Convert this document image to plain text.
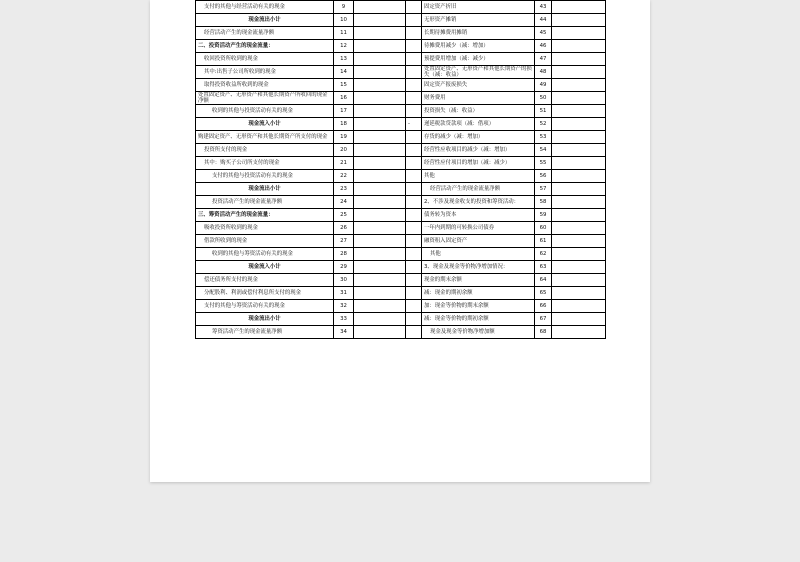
支付的其他与经营活动有关的现金	9			固定资产折旧	43	
现金流出小计	10			无形资产摊销	44	
经营活动产生的现金流量净额	11			长期待摊费用摊销	45	
二、投资活动产生的现金流量：	12			待摊费用减少（减：增加）	46	
收回投资所收到的现金	13			预提费用增加（减：减少）	47	
其中:出售子公司所收到的现金	14			处置固定资产、无形资产和其他长期资产的损失（减：收益）	48	
取得投资收益所收到的现金	15			固定资产报废损失	49	
处置固定资产、无形资产和其他长期资产所收回的现金净额	16			财务费用	50	
收到的其他与投资活动有关的现金	17			投资损失（减：收益）	51	
现金流入小计	18		-	递延税款贷款项（减：借项）	52	
购建固定资产、无形资产和其他长期资产所支付的现金	19			存货的减少（减：增加）	53	
投资所支付的现金	20			经营性应收项目的减少（减：增加）	54	
其中：购买子公司所支付的现金	21			经营性应付项目的增加（减：减少）	55	
支付的其他与投资活动有关的现金	22			其他	56	
现金流出小计	23			经营活动产生的现金流量净额	57	
投资活动产生的现金流量净额	24			2、不涉及现金收支的投资和筹资活动：	58	
三、筹资活动产生的现金流量：	25			债务转为资本	59	
吸收投资所收到的现金	26			一年内到期的可转换公司债券	60	
借款所收到的现金	27			融资租入固定资产	61	
收到的其他与筹资活动有关的现金	28			其他	62	
现金流入小计	29			3、现金及现金等价物净增加情况：	63	
偿还债务所支付的现金	30			现金的期末余额	64	
分配股利、利润或偿付利息所支付的现金	31			减：现金的期初余额	65	
支付的其他与筹资活动有关的现金	32			加：现金等价物的期末余额	66	
现金流出小计	33			减：现金等价物的期初余额	67	
筹资活动产生的现金流量净额	34			现金及现金等价物净增加额	68	
